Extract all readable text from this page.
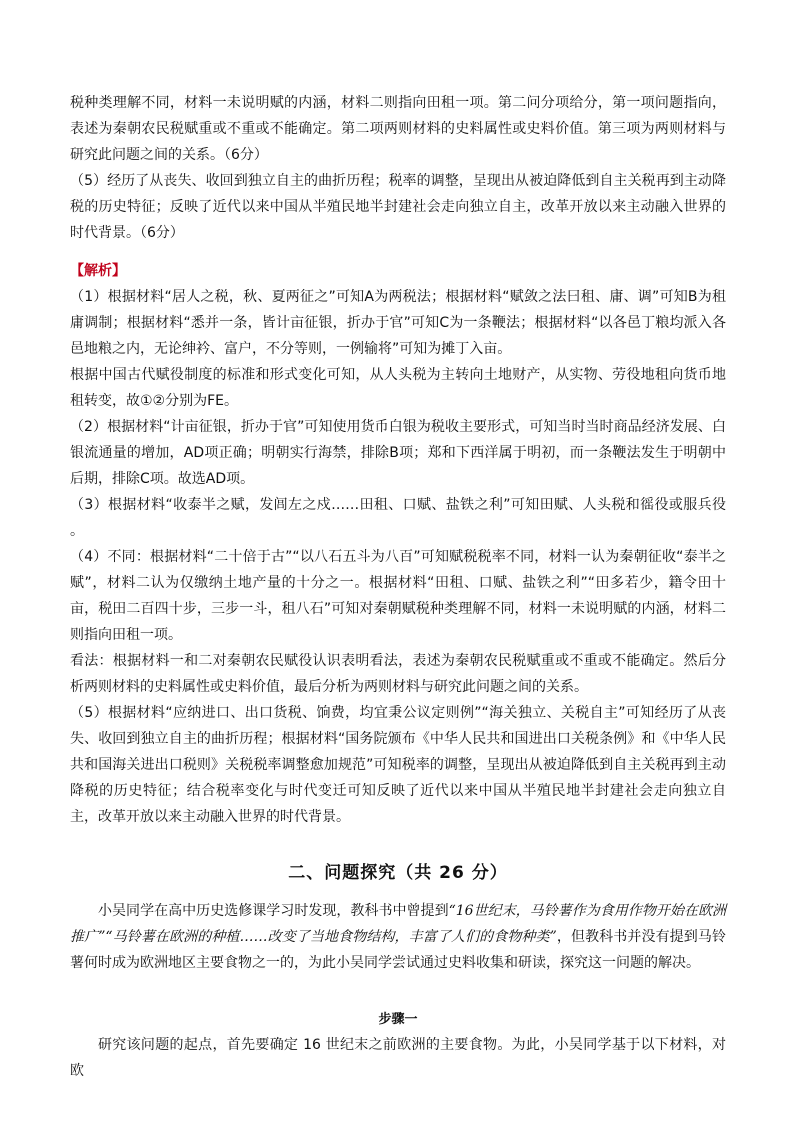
税种类理解不同，材料一未说明赋的内涵，材料二则指向田租一项。第二问分项给分，第一项问题指向，表述为秦朝农民税赋重或不重或不能确定。第二项两则材料的史料属性或史料价值。第三项为两则材料与研究此问题之间的关系。（6分）

（5）经历了从丧失、收回到独立自主的曲折历程；税率的调整，呈现出从被迫降低到自主关税再到主动降税的历史特征；反映了近代以来中国从半殖民地半封建社会走向独立自主，改革开放以来主动融入世界的时代背景。（6分）

【解析】

（1）根据材料“居人之税，秋、夏两征之”可知A为两税法；根据材料“赋敛之法曰租、庸、调”可知B为租庸调制；根据材料“悉并一条，皆计亩征银，折办于官”可知C为一条鞭法；根据材料“以各邑丁粮均派入各邑地粮之内，无论绅衿、富户，不分等则，一例输将”可知为摊丁入亩。

根据中国古代赋役制度的标准和形式变化可知，从人头税为主转向土地财产，从实物、劳役地租向货币地租转变，故①②分别为FE。

（2）根据材料“计亩征银，折办于官”可知使用货币白银为税收主要形式，可知当时当时商品经济发展、白银流通量的增加，AD项正确；明朝实行海禁，排除B项；郑和下西洋属于明初，而一条鞭法发生于明朝中后期，排除C项。故选AD项。

（3）根据材料“收泰半之赋，发闾左之戍……田租、口赋、盐铁之利”可知田赋、人头税和徭役或服兵役 。

（4）不同：根据材料“二十倍于古”“以八石五斗为八百”可知赋税税率不同，材料一认为秦朝征收“泰半之赋”，材料二认为仅缴纳土地产量的十分之一。根据材料“田租、口赋、盐铁之利”“田多若少，籍令田十亩，税田二百四十步，三步一斗，租八石”可知对秦朝赋税种类理解不同，材料一未说明赋的内涵，材料二则指向田租一项。

看法：根据材料一和二对秦朝农民赋役认识表明看法，表述为秦朝农民税赋重或不重或不能确定。然后分析两则材料的史料属性或史料价值，最后分析为两则材料与研究此问题之间的关系。

（5）根据材料“应纳进口、出口货税、饷费，均宜秉公议定则例”“海关独立、关税自主”可知经历了从丧失、收回到独立自主的曲折历程；根据材料“国务院颁布《中华人民共和国进出口关税条例》和《中华人民共和国海关进出口税则》关税税率调整愈加规范”可知税率的调整，呈现出从被迫降低到自主关税再到主动降税的历史特征；结合税率变化与时代变迁可知反映了近代以来中国从半殖民地半封建社会走向独立自主，改革开放以来主动融入世界的时代背景。

二、问题探究（共 26 分）

小吴同学在高中历史选修课学习时发现，教科书中曾提到“16世纪末，马铃薯作为食用作物开始在欧洲推广”“马铃薯在欧洲的种植……改变了当地食物结构，丰富了人们的食物种类”，但教科书并没有提到马铃薯何时成为欧洲地区主要食物之一的，为此小吴同学尝试通过史料收集和研读，探究这一问题的解决。

步骤一

研究该问题的起点，首先要确定 16 世纪末之前欧洲的主要食物。为此，小吴同学基于以下材料，对欧
